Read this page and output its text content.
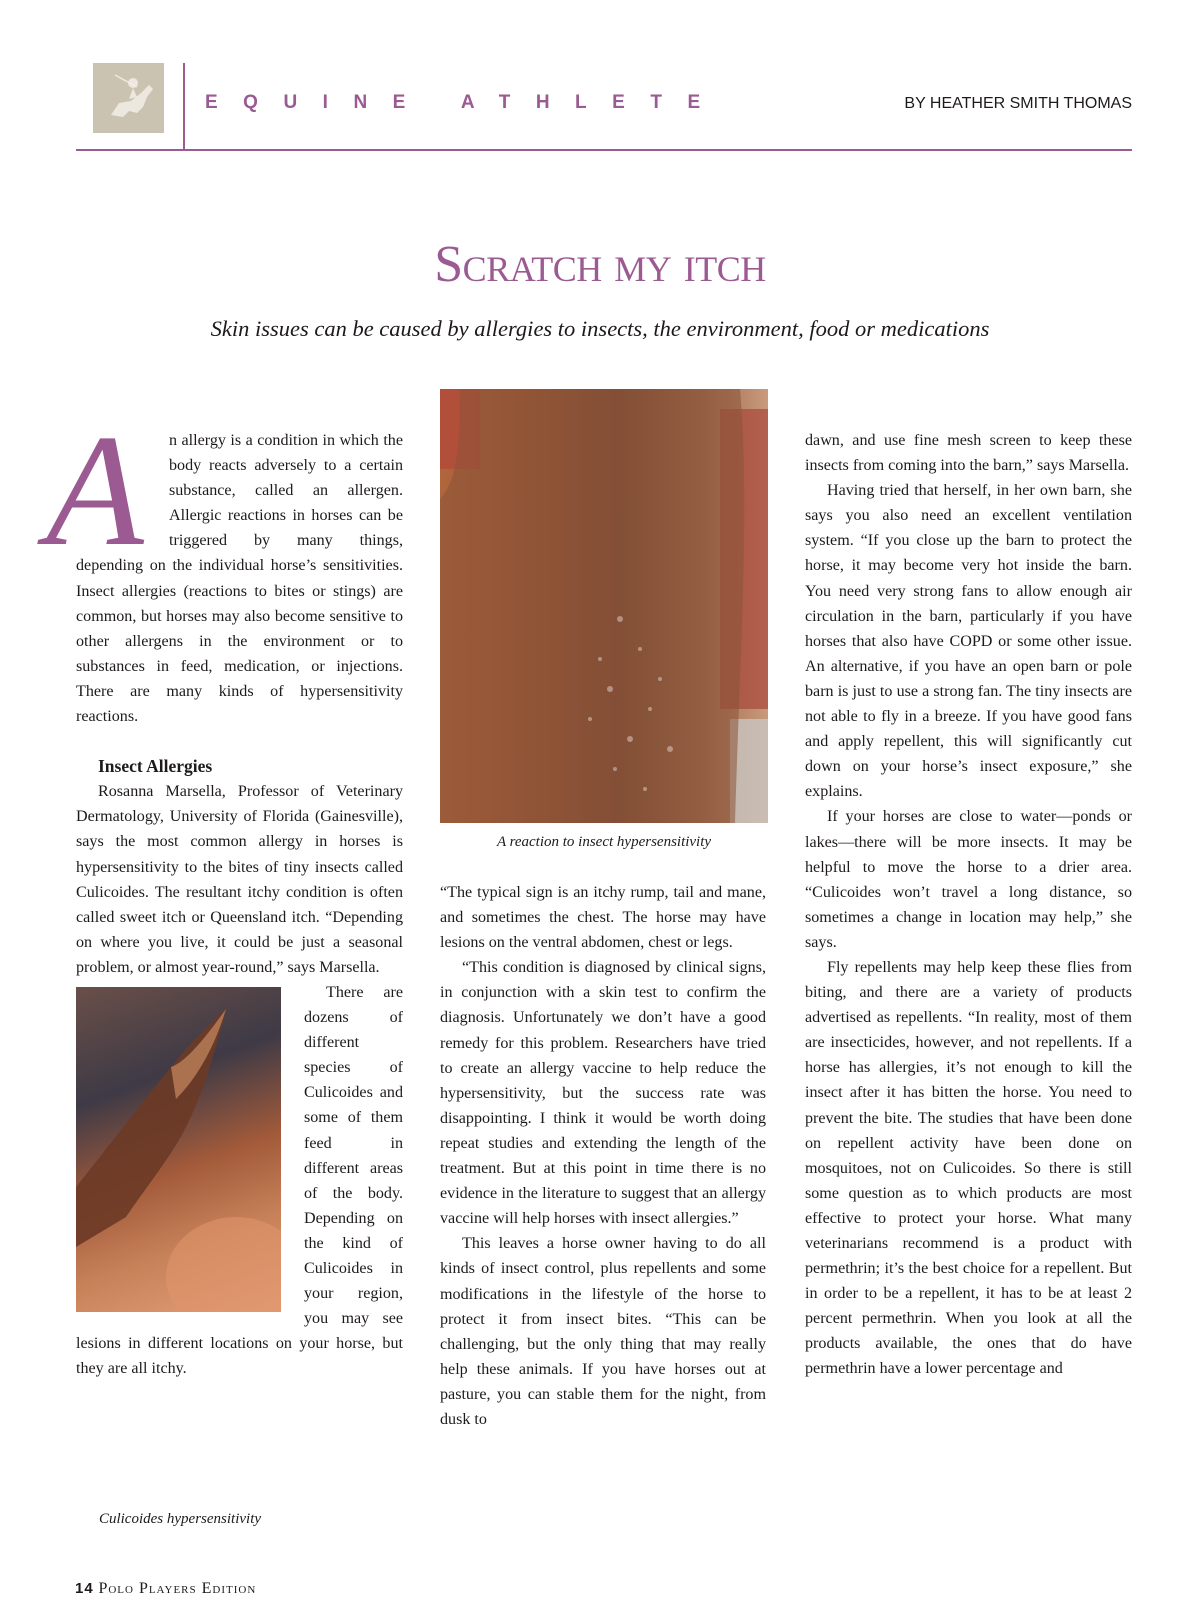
EQUINE ATHLETE	BY HEATHER SMITH THOMAS
Scratch my itch
Skin issues can be caused by allergies to insects, the environment, food or medications

A n allergy is a condition in which the body reacts adversely to a certain substance, called an allergen. Allergic reactions in horses can be triggered by many things, depending on the individual horse’s sensitivities. Insect allergies (reactions to bites or stings) are common, but horses may also become sensitive to other allergens in the environment or to substances in feed, medication, or injections. There are many kinds of hypersensitivity reactions.

Insect Allergies

Rosanna Marsella, Professor of Veterinary Dermatology, University of Florida (Gainesville), says the most common allergy in horses is hypersensitivity to the bites of tiny insects called Culicoides. The resultant itchy condition is often called sweet itch or Queensland itch. “Depending on where you live, it could be just a seasonal problem, or almost year-round,” says Marsella.

There are dozens of different species of Culicoides and some of them feed in different areas of the body. Depending on the kind of Culicoides in your region, you may see lesions in different locations on your horse, but they are all itchy.

Culicoides hypersensitivity
A reaction to insect hypersensitivity

“The typical sign is an itchy rump, tail and mane, and sometimes the chest. The horse may have lesions on the ventral abdomen, chest or legs.

“This condition is diagnosed by clinical signs, in conjunction with a skin test to confirm the diagnosis. Unfortunately we don’t have a good remedy for this problem. Researchers have tried to create an allergy vaccine to help reduce the hypersensitivity, but the success rate was disappointing. I think it would be worth doing repeat studies and extending the length of the treatment. But at this point in time there is no evidence in the literature to suggest that an allergy vaccine will help horses with insect allergies.”

This leaves a horse owner having to do all kinds of insect control, plus repellents and some modifications in the lifestyle of the horse to protect it from insect bites. “This can be challenging, but the only thing that may really help these animals. If you have horses out at pasture, you can stable them for the night, from dusk to

dawn, and use fine mesh screen to keep these insects from coming into the barn,” says Marsella.

Having tried that herself, in her own barn, she says you also need an excellent ventilation system. “If you close up the barn to protect the horse, it may become very hot inside the barn. You need very strong fans to allow enough air circulation in the barn, particularly if you have horses that also have COPD or some other issue. An alternative, if you have an open barn or pole barn is just to use a strong fan. The tiny insects are not able to fly in a breeze. If you have good fans and apply repellent, this will significantly cut down on your horse’s insect exposure,” she explains.

If your horses are close to water—ponds or lakes—there will be more insects. It may be helpful to move the horse to a drier area. “Culicoides won’t travel a long distance, so sometimes a change in location may help,” she says.

Fly repellents may help keep these flies from biting, and there are a variety of products advertised as repellents. “In reality, most of them are insecticides, however, and not repellents. If a horse has allergies, it’s not enough to kill the insect after it has bitten the horse. You need to prevent the bite. The studies that have been done on repellent activity have been done on mosquitoes, not on Culicoides. So there is still some question as to which products are most effective to protect your horse. What many veterinarians recommend is a product with permethrin; it’s the best choice for a repellent. But in order to be a repellent, it has to be at least 2 percent permethrin. When you look at all the products available, the ones that do have permethrin have a lower percentage and

14 Polo Players Edition
